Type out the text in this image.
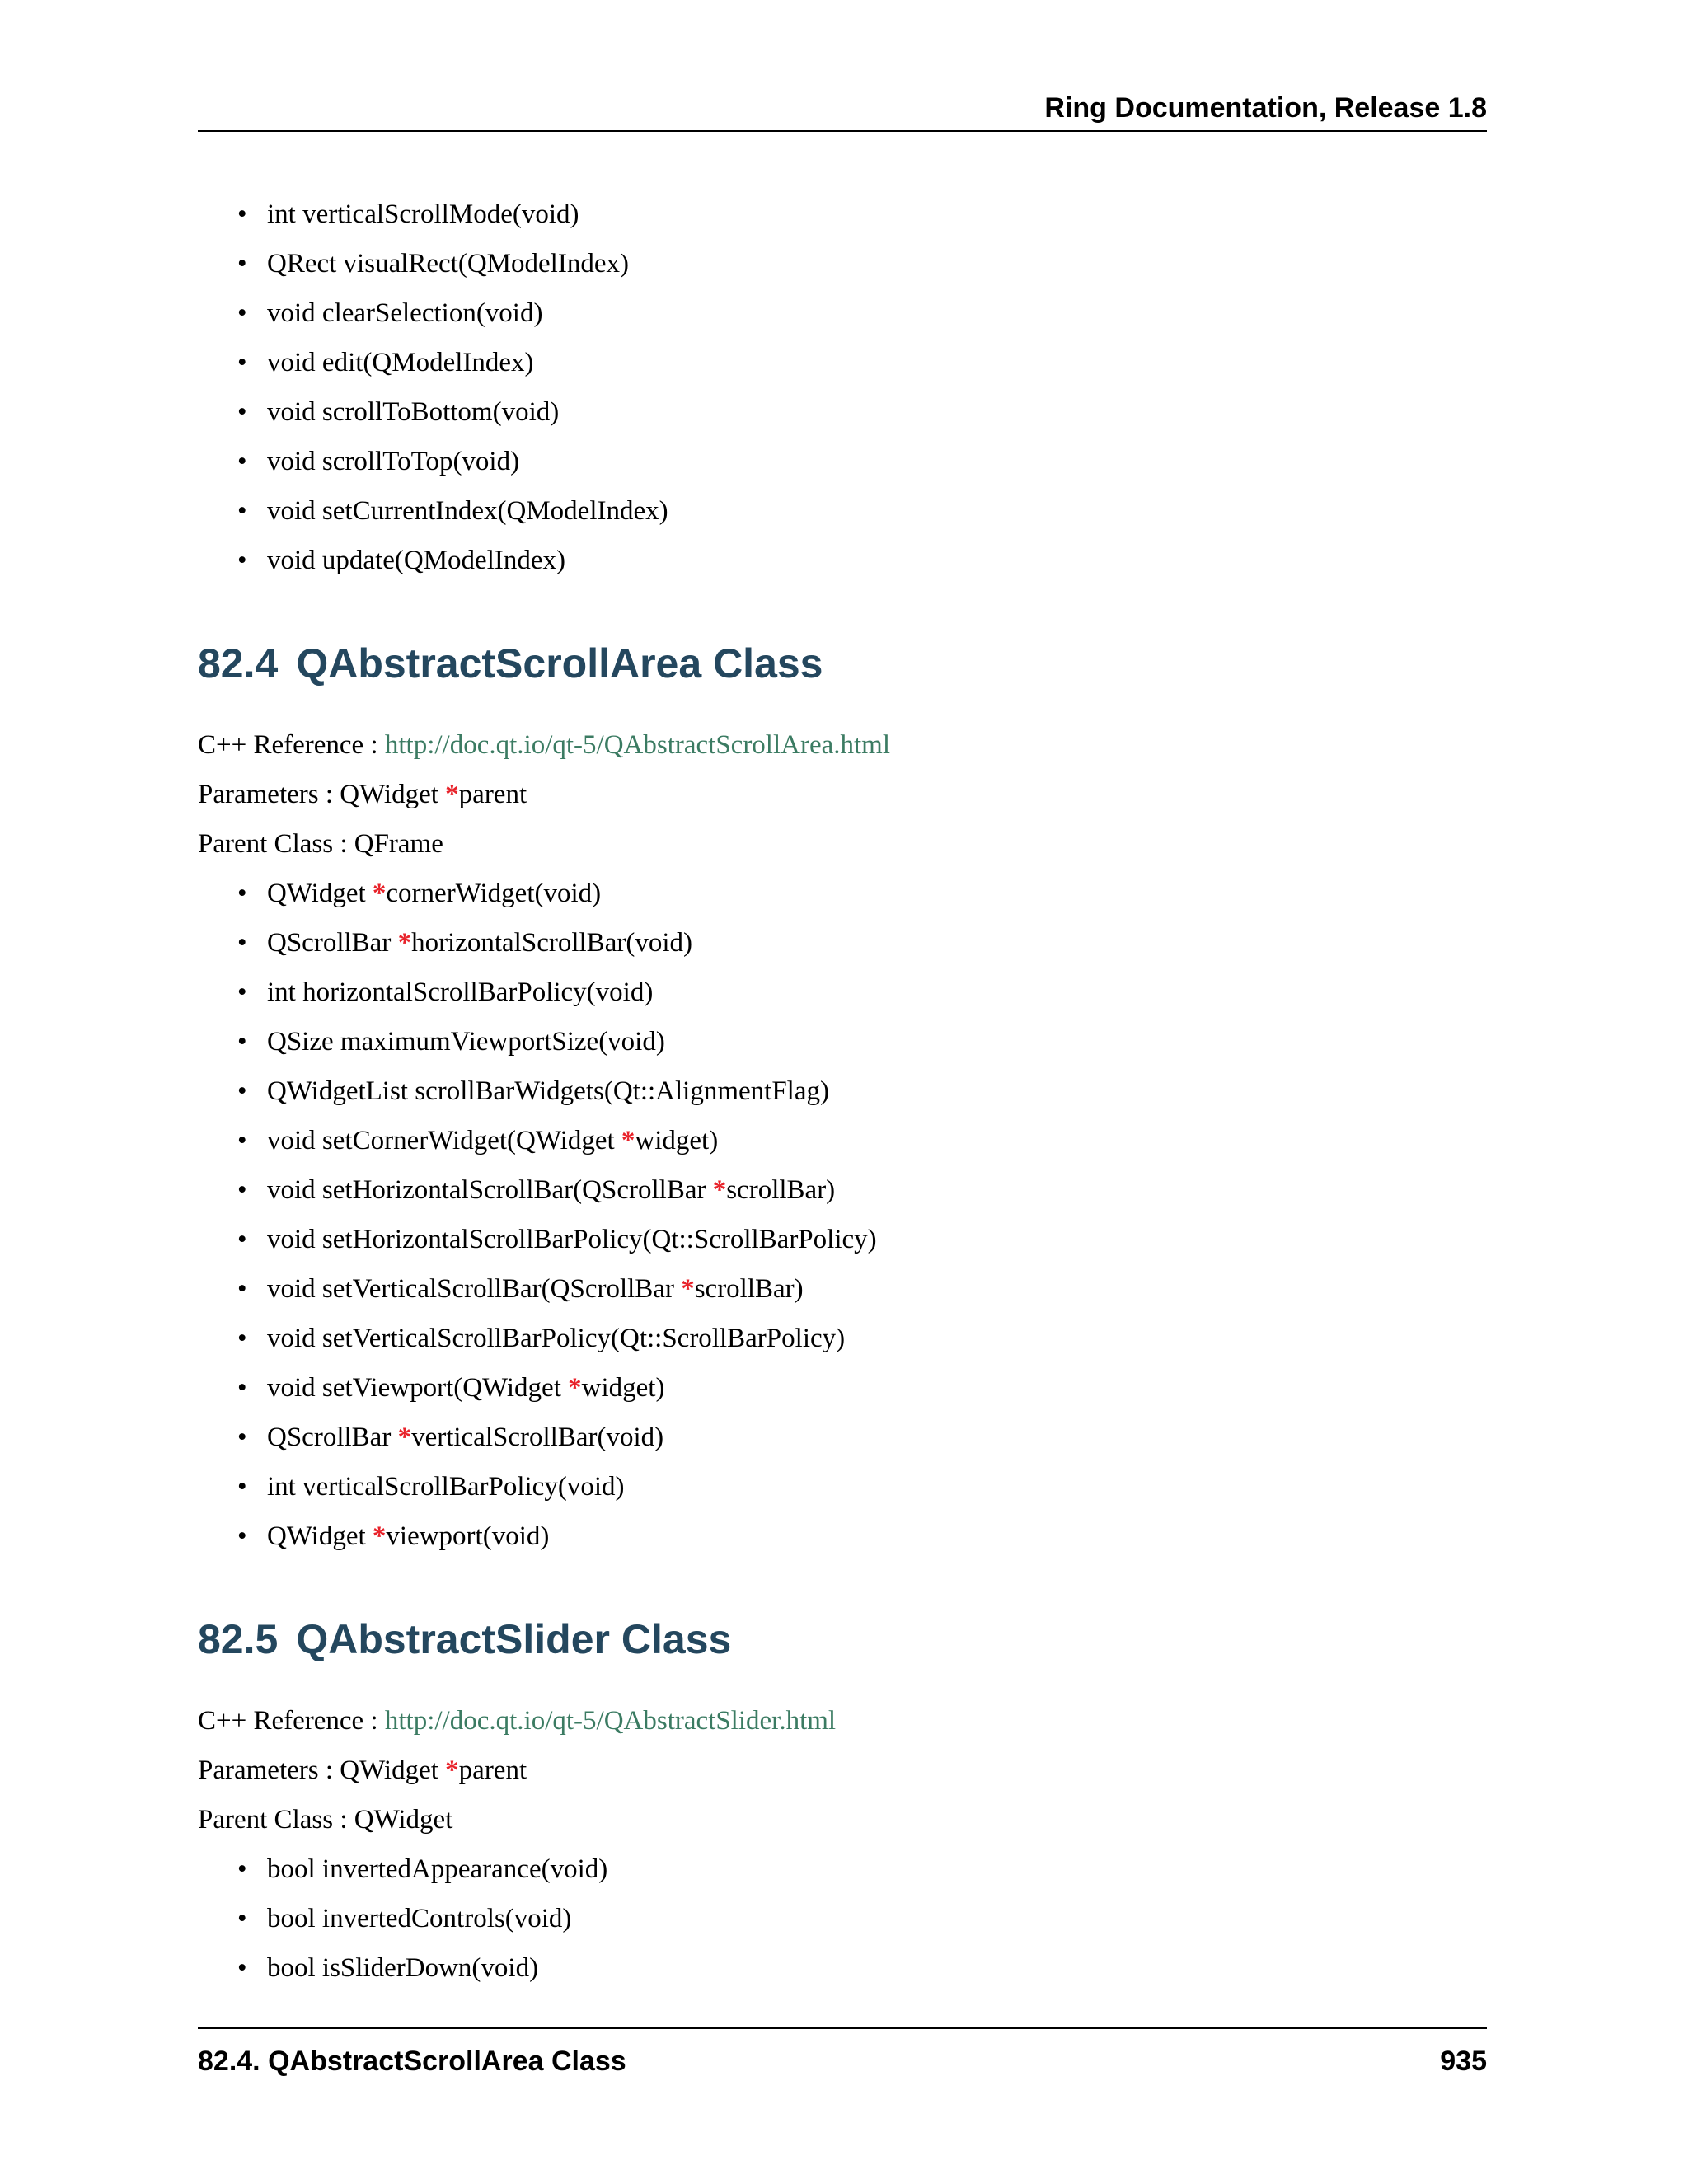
Ring Documentation, Release 1.8
• int verticalScrollMode(void)
• QRect visualRect(QModelIndex)
• void clearSelection(void)
• void edit(QModelIndex)
• void scrollToBottom(void)
• void scrollToTop(void)
• void setCurrentIndex(QModelIndex)
• void update(QModelIndex)
82.4 QAbstractScrollArea Class

C++ Reference : http://doc.qt.io/qt-5/QAbstractScrollArea.html

Parameters : QWidget *parent

Parent Class : QFrame

• QWidget *cornerWidget(void)
• QScrollBar *horizontalScrollBar(void)
• int horizontalScrollBarPolicy(void)
• QSize maximumViewportSize(void)
• QWidgetList scrollBarWidgets(Qt::AlignmentFlag)
• void setCornerWidget(QWidget *widget)
• void setHorizontalScrollBar(QScrollBar *scrollBar)
• void setHorizontalScrollBarPolicy(Qt::ScrollBarPolicy)
• void setVerticalScrollBar(QScrollBar *scrollBar)
• void setVerticalScrollBarPolicy(Qt::ScrollBarPolicy)
• void setViewport(QWidget *widget)
• QScrollBar *verticalScrollBar(void)
• int verticalScrollBarPolicy(void)
• QWidget *viewport(void)
82.5 QAbstractSlider Class

C++ Reference : http://doc.qt.io/qt-5/QAbstractSlider.html

Parameters : QWidget *parent

Parent Class : QWidget

• bool invertedAppearance(void)
• bool invertedControls(void)
• bool isSliderDown(void)
82.4. QAbstractScrollArea Class	935
